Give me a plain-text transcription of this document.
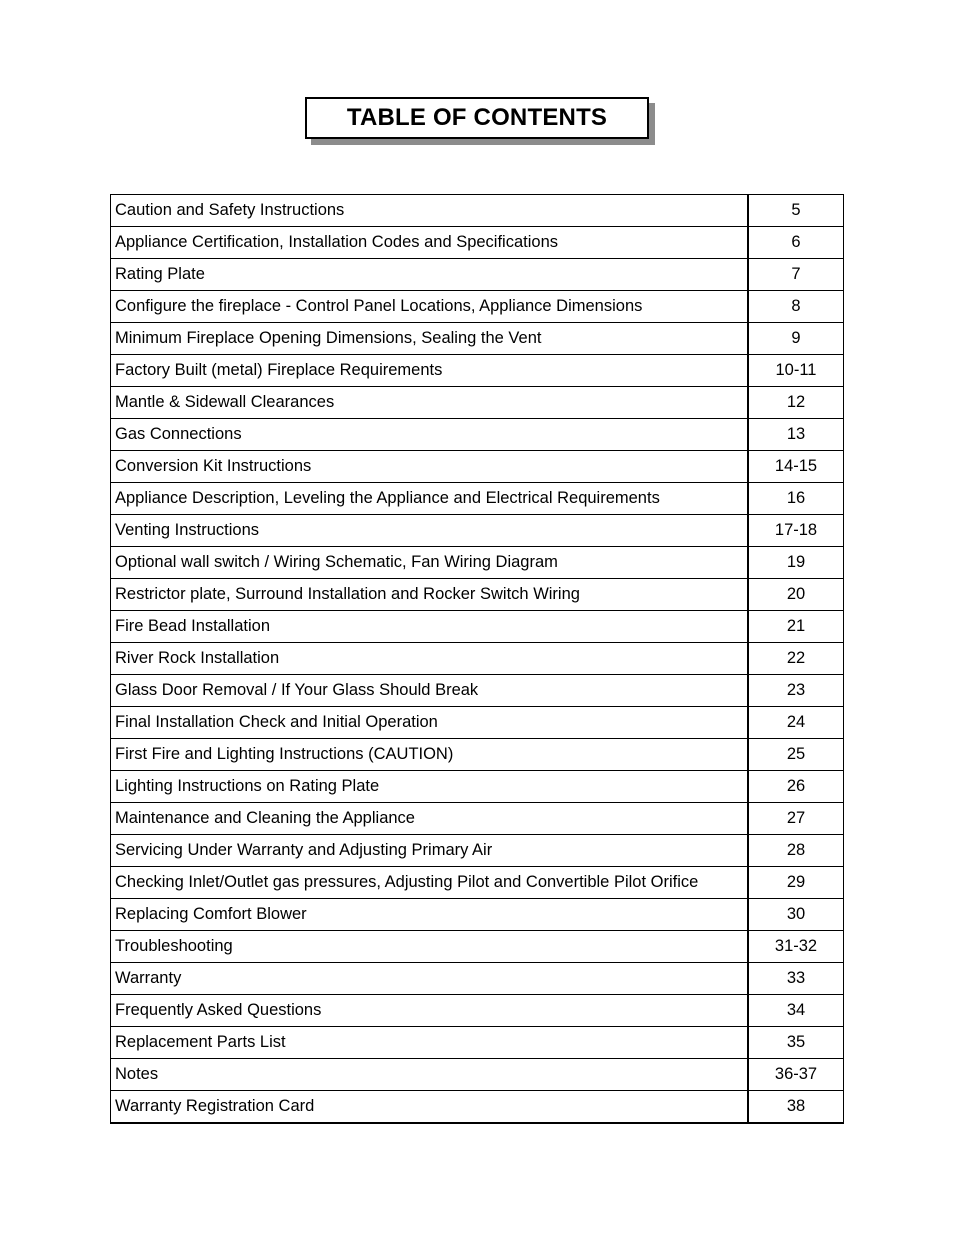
TABLE OF CONTENTS
Caution and Safety Instructions	5
Appliance Certification, Installation Codes and Specifications	6
Rating Plate	7
Configure the fireplace - Control Panel Locations, Appliance Dimensions	8
Minimum Fireplace Opening Dimensions, Sealing the Vent	9
Factory Built (metal) Fireplace Requirements	10-11
Mantle & Sidewall Clearances	12
Gas Connections	13
Conversion Kit Instructions	14-15
Appliance Description, Leveling the Appliance and Electrical Requirements	16
Venting Instructions	17-18
Optional wall switch / Wiring Schematic, Fan Wiring Diagram	19
Restrictor plate, Surround Installation and Rocker Switch Wiring	20
Fire Bead Installation	21
River Rock Installation	22
Glass Door Removal / If Your Glass Should Break	23
Final Installation Check and Initial Operation	24
First Fire and Lighting Instructions (CAUTION)	25
Lighting Instructions on Rating Plate	26
Maintenance and Cleaning the Appliance	27
Servicing Under Warranty and Adjusting Primary Air	28
Checking Inlet/Outlet gas pressures, Adjusting Pilot and Convertible Pilot Orifice	29
Replacing Comfort Blower	30
Troubleshooting	31-32
Warranty	33
Frequently Asked Questions	34
Replacement Parts List	35
Notes	36-37
Warranty Registration Card	38
